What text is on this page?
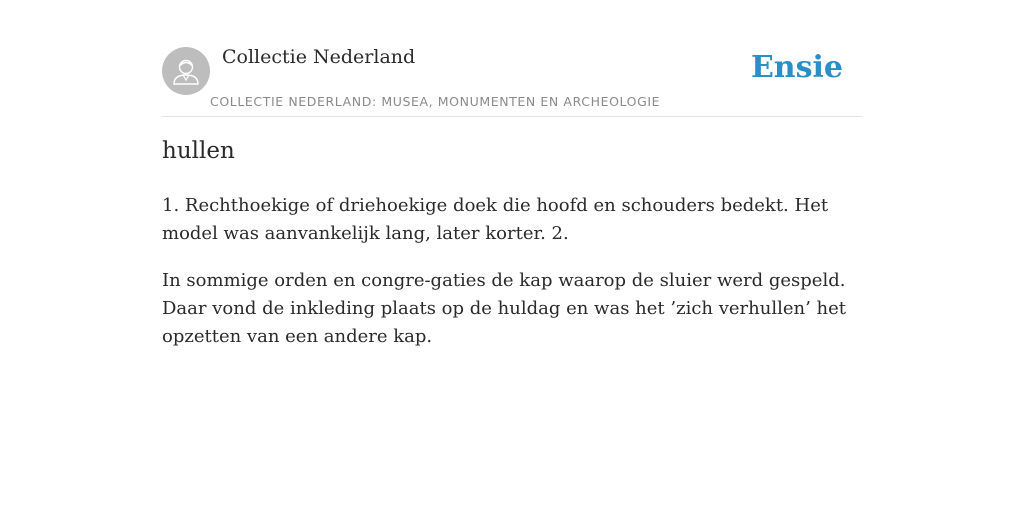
Collectie Nederland
COLLECTIE NEDERLAND: MUSEA, MONUMENTEN EN ARCHEOLOGIE
Ensie
hullen

1. Rechthoekige of driehoekige doek die hoofd en schouders bedekt. Het model was aanvankelijk lang, later korter. 2.

In sommige orden en congre-gaties de kap waarop de sluier werd gespeld. Daar vond de inkleding plaats op de huldag en was het ’zich verhullen’ het opzetten van een andere kap.
